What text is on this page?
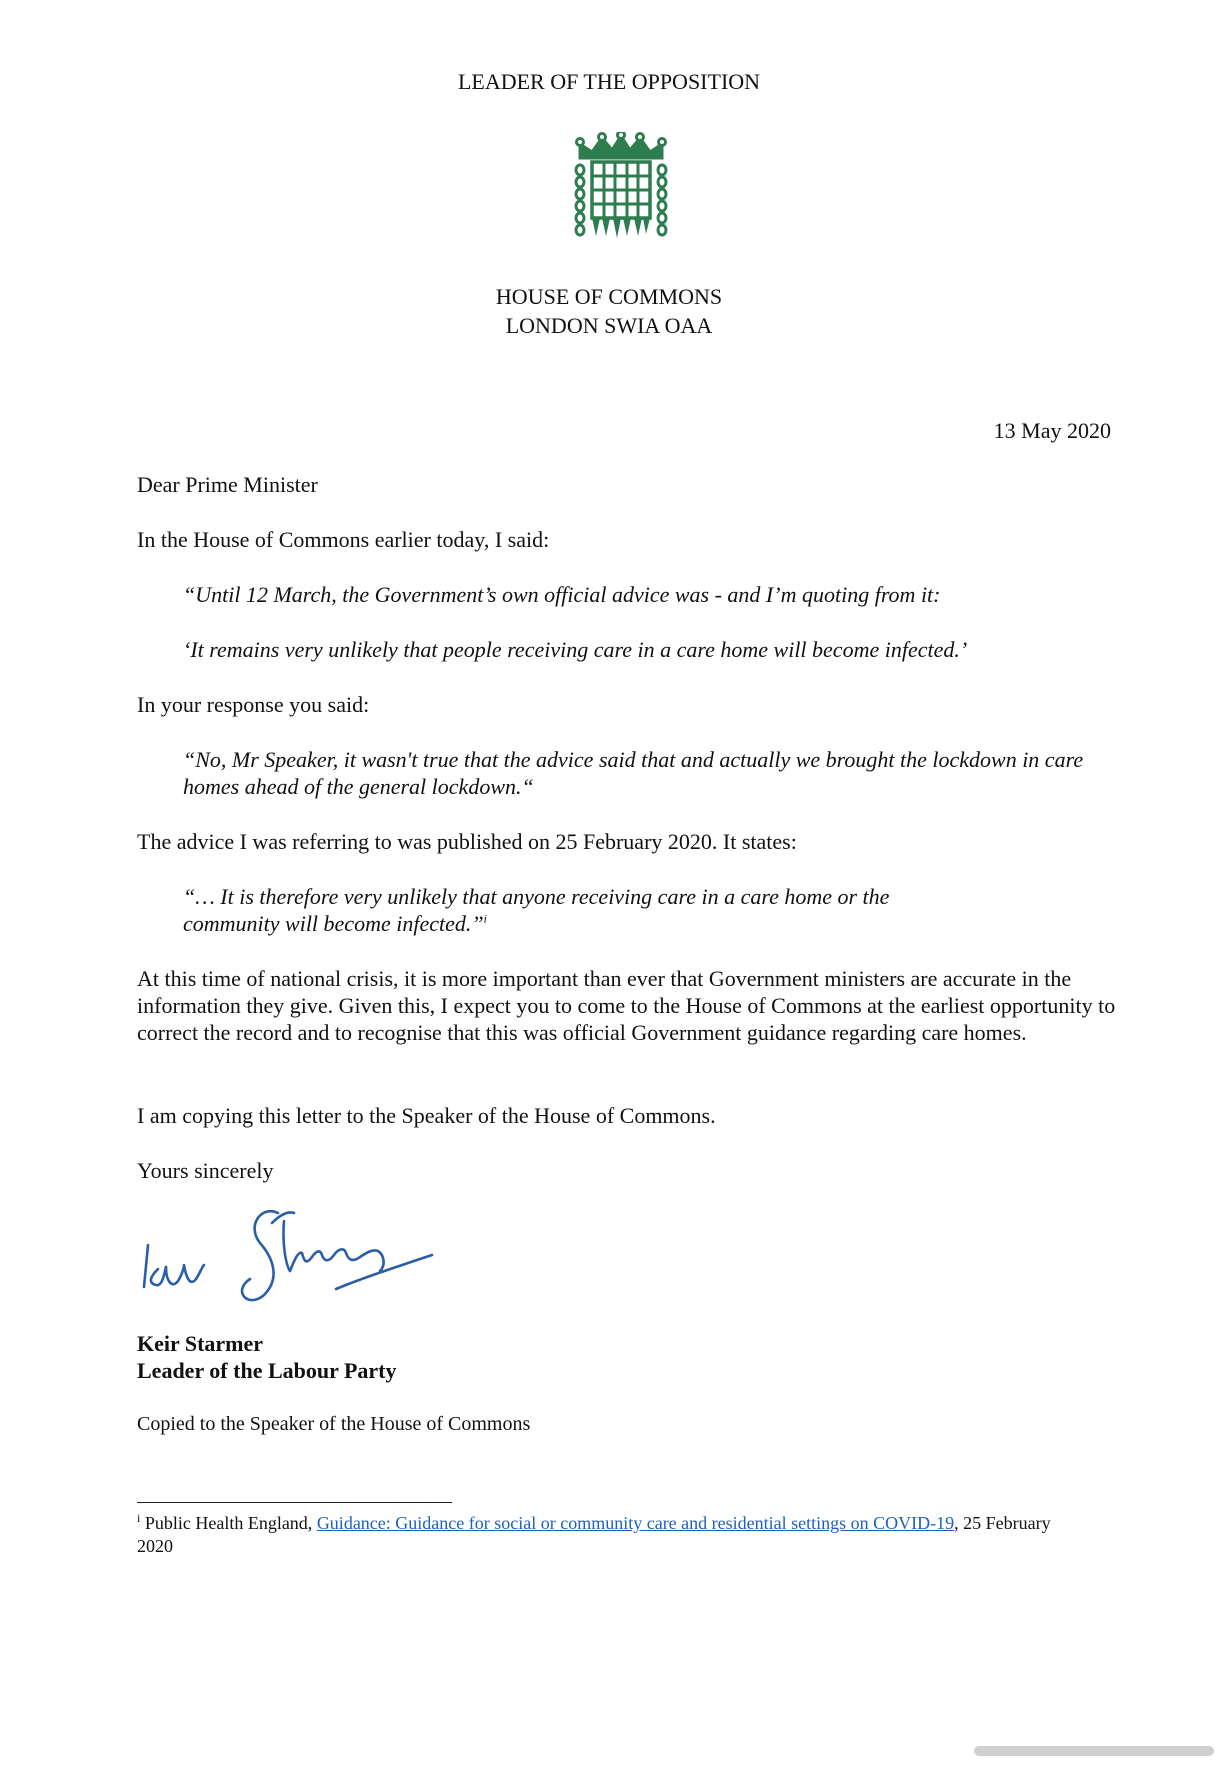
LEADER OF THE OPPOSITION
HOUSE OF COMMONS
LONDON SWIA OAA
13 May 2020
Dear Prime Minister
In the House of Commons earlier today, I said:
“Until 12 March, the Government’s own official advice was - and I’m quoting from it:
‘It remains very unlikely that people receiving care in a care home will become infected.’
In your response you said:
“No, Mr Speaker, it wasn't true that the advice said that and actually we brought the lockdown in care homes ahead of the general lockdown.“
The advice I was referring to was published on 25 February 2020. It states:
“… It is therefore very unlikely that anyone receiving care in a care home or the community will become infected.”$^i$
At this time of national crisis, it is more important than ever that Government ministers are accurate in the information they give. Given this, I expect you to come to the House of Commons at the earliest opportunity to correct the record and to recognise that this was official Government guidance regarding care homes.
I am copying this letter to the Speaker of the House of Commons.
Yours sincerely
Keir Starmer
Leader of the Labour Party
Copied to the Speaker of the House of Commons
$^i$ Public Health England, Guidance: Guidance for social or community care and residential settings on COVID-19, 25 February 2020
